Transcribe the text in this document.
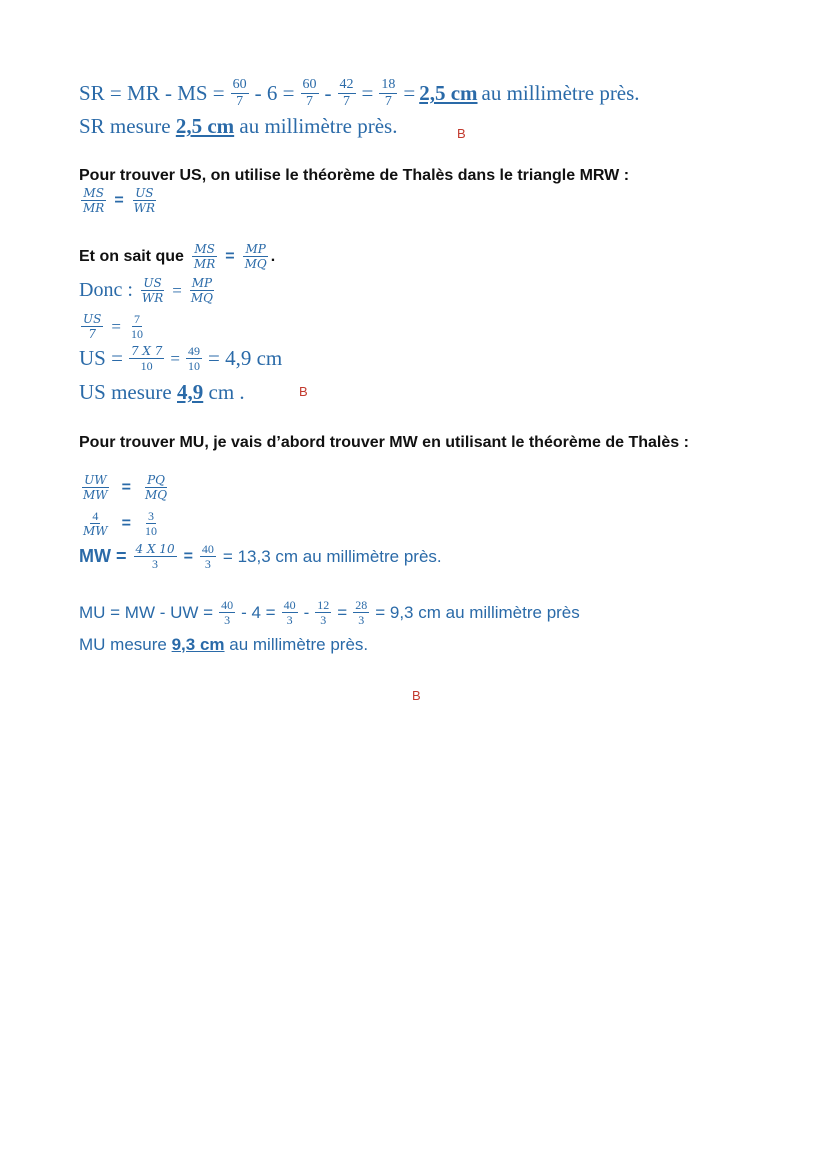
SR = MR - MS = $\frac{60}{7} - 6 = \frac{60}{7} - \frac{42}{7} = \frac{18}{7} = 2,5$ cm au millimètre près.
SR mesure 2,5 cm au millimètre près.	B
Pour trouver US, on utilise le théorème de Thalès dans le triangle MRW :
$\frac{MS}{MR} = \frac{US}{WR}$
Et on sait que $\frac{MS}{MR} = \frac{MP}{MQ}$ .
Donc : $\frac{US}{WR} = \frac{MP}{MQ}$
$\frac{US}{7} = \frac{7}{10}$
US = $\frac{7 X 7}{10} = \frac{49}{10} = 4,9$ cm
US mesure 4,9 cm .	B
Pour trouver MU, je vais d’abord trouver MW en utilisant le théorème de Thalès :
$\frac{UW}{MW} = \frac{PQ}{MQ}$
$\frac{4}{MW} = \frac{3}{10}$
MW = $\frac{4 X 10}{3} = \frac{40}{3} = 13,3$ cm au millimètre près.
MU = MW - UW = $\frac{40}{3} - 4 = \frac{40}{3} - \frac{12}{3} = \frac{28}{3} = 9,3$ cm au millimètre près
MU mesure 9,3 cm au millimètre près.
B
